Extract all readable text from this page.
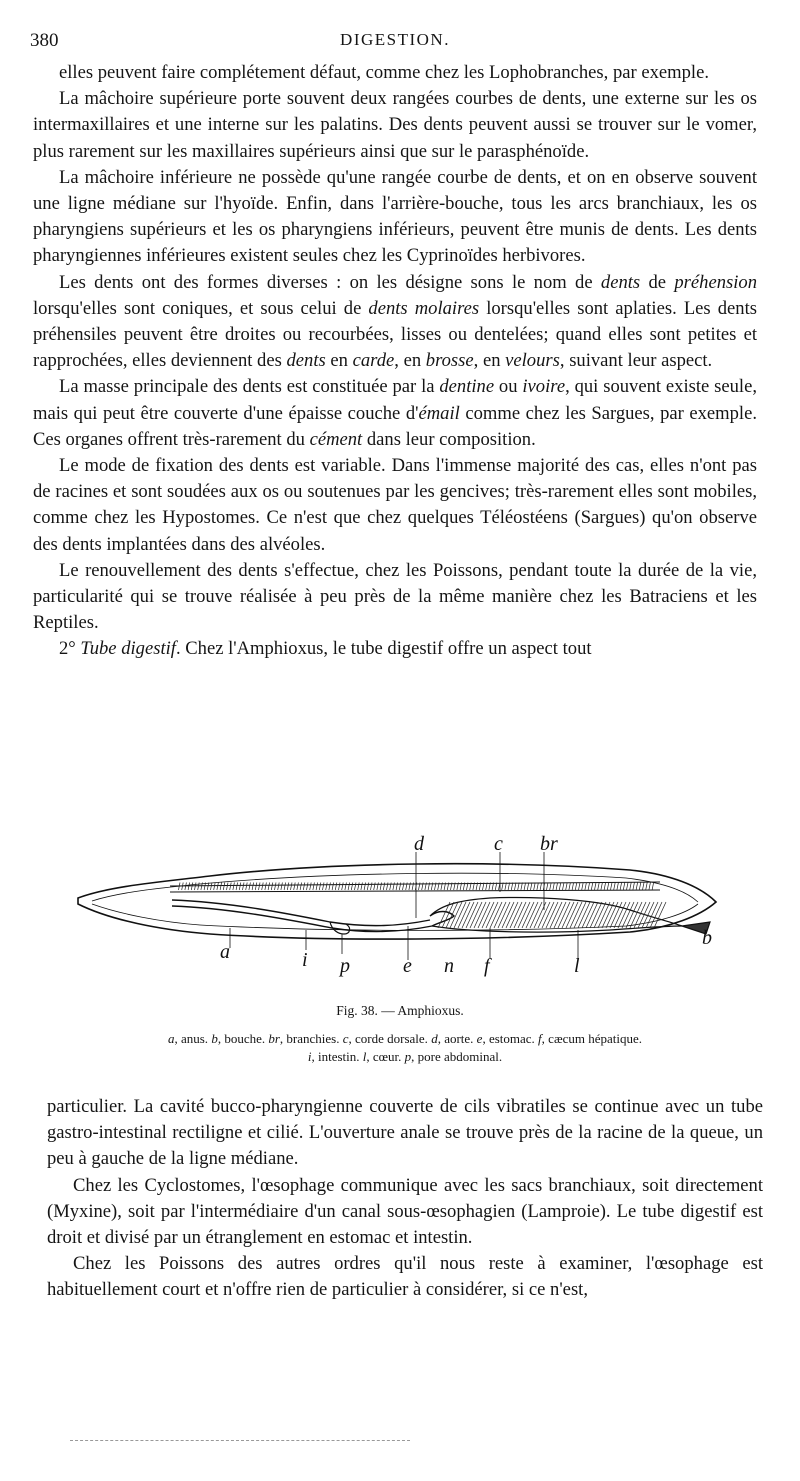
380	DIGESTION.

elles peuvent faire complétement défaut, comme chez les Lophobranches, par exemple.

La mâchoire supérieure porte souvent deux rangées courbes de dents, une externe sur les os intermaxillaires et une interne sur les palatins. Des dents peuvent aussi se trouver sur le vomer, plus rarement sur les maxillaires supérieurs ainsi que sur le parasphénoïde.

La mâchoire inférieure ne possède qu'une rangée courbe de dents, et on en observe souvent une ligne médiane sur l'hyoïde. Enfin, dans l'arrière-bouche, tous les arcs branchiaux, les os pharyngiens supérieurs et les os pharyngiens inférieurs, peuvent être munis de dents. Les dents pharyngiennes inférieures existent seules chez les Cyprinoïdes herbivores.

Les dents ont des formes diverses : on les désigne sons le nom de dents de préhension lorsqu'elles sont coniques, et sous celui de dents molaires lorsqu'elles sont aplaties. Les dents préhensiles peuvent être droites ou recourbées, lisses ou dentelées; quand elles sont petites et rapprochées, elles deviennent des dents en carde, en brosse, en velours, suivant leur aspect.

La masse principale des dents est constituée par la dentine ou ivoire, qui souvent existe seule, mais qui peut être couverte d'une épaisse couche d'émail comme chez les Sargues, par exemple. Ces organes offrent très-rarement du cément dans leur composition.

Le mode de fixation des dents est variable. Dans l'immense majorité des cas, elles n'ont pas de racines et sont soudées aux os ou soutenues par les gencives; très-rarement elles sont mobiles, comme chez les Hypostomes. Ce n'est que chez quelques Téléostéens (Sargues) qu'on observe des dents implantées dans des alvéoles.

Le renouvellement des dents s'effectue, chez les Poissons, pendant toute la durée de la vie, particularité qui se trouve réalisée à peu près de la même manière chez les Batraciens et les Reptiles.

2° Tube digestif. Chez l'Amphioxus, le tube digestif offre un aspect tout

d	c br
a	i p	e n f	l
b
Fig. 38. — Amphioxus.
a, anus. b, bouche. br, branchies. c, corde dorsale. d, aorte. e, estomac. f, cæcum hépatique.
i, intestin. l, cœur. p, pore abdominal.

particulier. La cavité bucco-pharyngienne couverte de cils vibratiles se continue avec un tube gastro-intestinal rectiligne et cilié. L'ouverture anale se trouve près de la racine de la queue, un peu à gauche de la ligne médiane.

Chez les Cyclostomes, l'œsophage communique avec les sacs branchiaux, soit directement (Myxine), soit par l'intermédiaire d'un canal sous-œsophagien (Lamproie). Le tube digestif est droit et divisé par un étranglement en estomac et intestin.

Chez les Poissons des autres ordres qu'il nous reste à examiner, l'œsophage est habituellement court et n'offre rien de particulier à considérer, si ce n'est,
